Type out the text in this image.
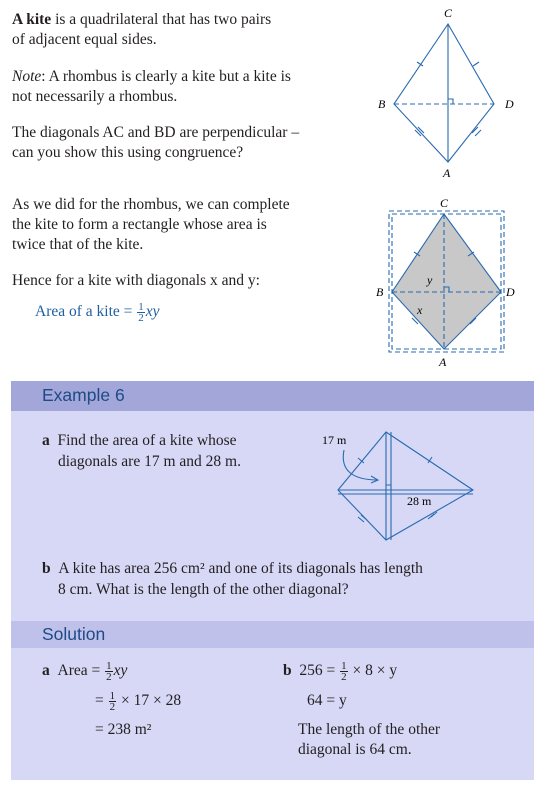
A kite is a quadrilateral that has two pairs
of adjacent equal sides.
Note: A rhombus is clearly a kite but a kite is
not necessarily a rhombus.
The diagonals AC and BD are perpendicular –
can you show this using congruence?
As we did for the rhombus, we can complete
the kite to form a rectangle whose area is
twice that of the kite.
Hence for a kite with diagonals x and y:
Area of a kite = $\frac{1}{2}$ xy
C
B	D
A
C
B	D
A
y
x
Example 6
a Find the area of a kite whose
diagonals are 17 m and 28 m.
17 m
28 m
b A kite has area 256 cm² and one of its diagonals has length
8 cm. What is the length of the other diagonal?
Solution
a Area = $\frac{1}{2}$ xy
= $\frac{1}{2} \times 17 \times 28$
= 238 m²
b $256 = \frac{1}{2} \times 8 \times y$
64 = y
The length of the other
diagonal is 64 cm.
